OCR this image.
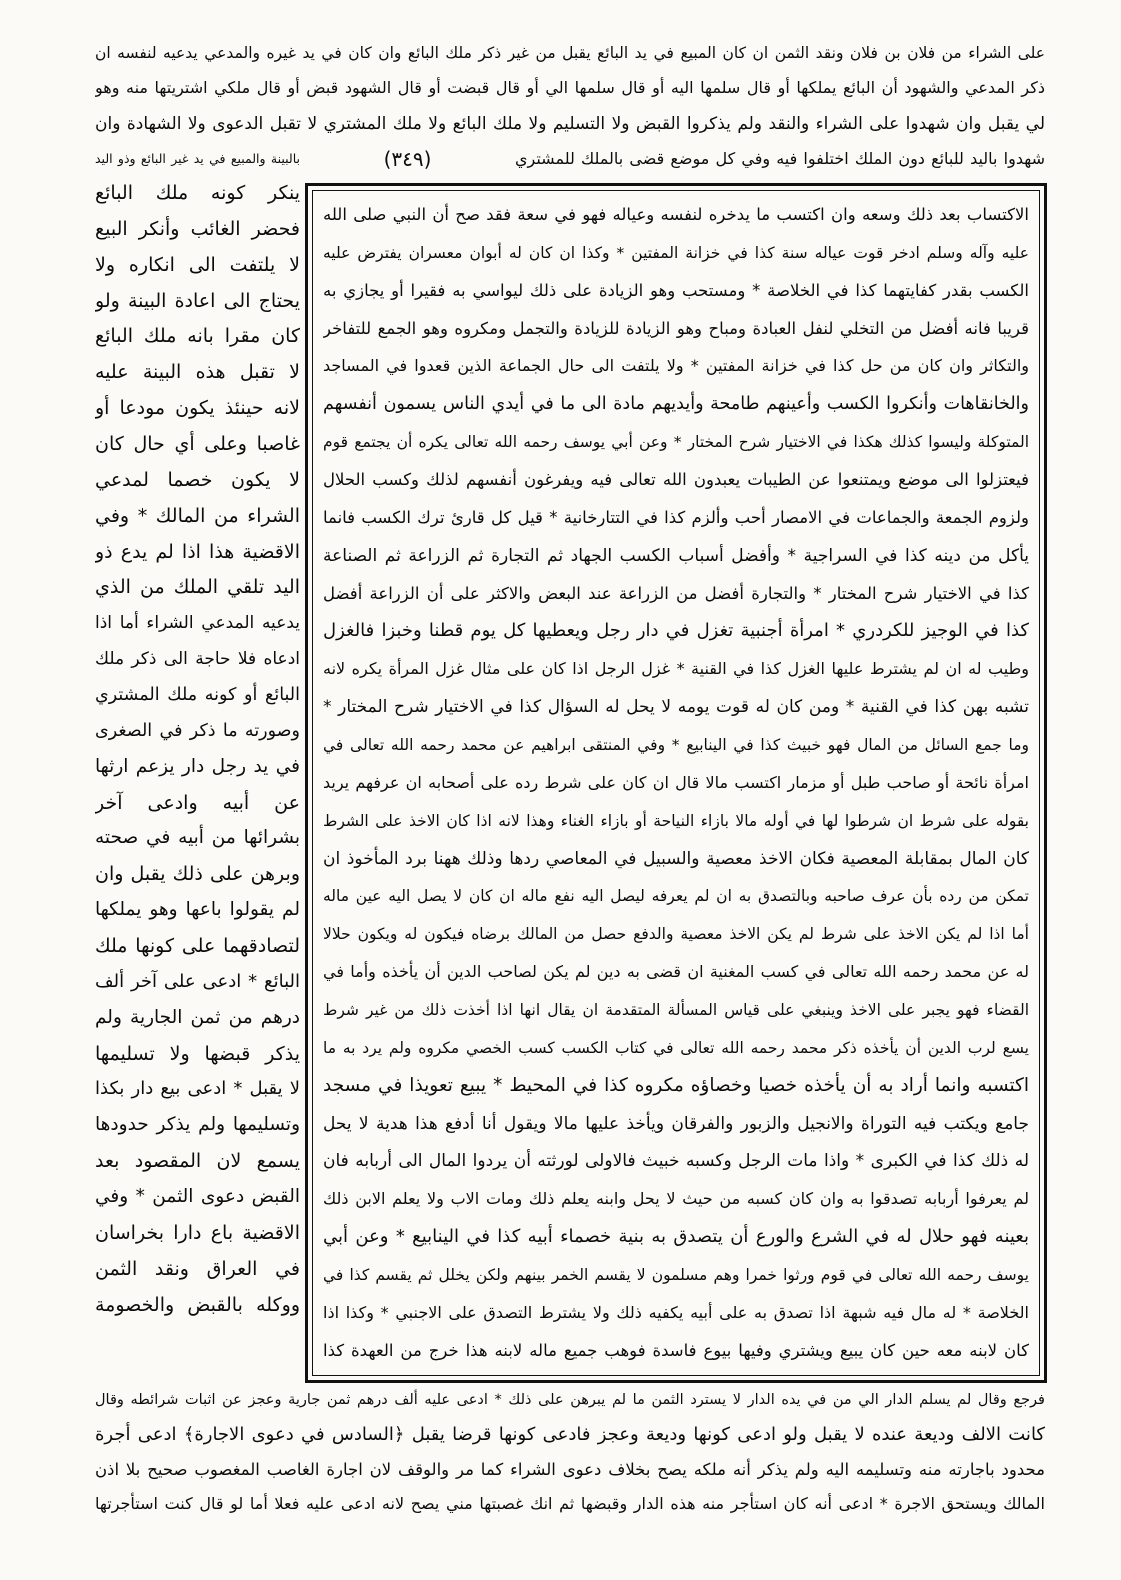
على الشراء من فلان بن فلان ونقد الثمن ان كان المبيع في يد البائع يقبل من غير ذكر ملك البائع وان كان في يد غيره والمدعي يدعيه لنفسه ان
ذكر المدعي والشهود أن البائع يملكها أو قال سلمها اليه أو قال سلمها الي أو قال قبضت أو قال الشهود قبض أو قال ملكي اشتريتها منه وهو
لي يقبل وان شهدوا على الشراء والنقد ولم يذكروا القبض ولا التسليم ولا ملك البائع ولا ملك المشتري لا تقبل الدعوى ولا الشهادة وان
شهدوا باليد للبائع دون الملك اختلفوا فيه وفي كل موضع قضى بالملك للمشتري
(٣٤٩)
بالبينة والمبيع في يد غير البائع وذو اليد
الاكتساب بعد ذلك وسعه وان اكتسب ما يدخره لنفسه وعياله فهو في سعة فقد صح أن النبي صلى الله
عليه وآله وسلم ادخر قوت عياله سنة كذا في خزانة المفتين * وكذا ان كان له أبوان معسران يفترض عليه
الكسب بقدر كفايتهما كذا في الخلاصة * ومستحب وهو الزيادة على ذلك ليواسي به فقيرا أو يجازي به
قريبا فانه أفضل من التخلي لنفل العبادة ومباح وهو الزيادة للزيادة والتجمل ومكروه وهو الجمع للتفاخر
والتكاثر وان كان من حل كذا في خزانة المفتين * ولا يلتفت الى حال الجماعة الذين قعدوا في المساجد
والخانقاهات وأنكروا الكسب وأعينهم طامحة وأيديهم مادة الى ما في أيدي الناس يسمون أنفسهم
المتوكلة وليسوا كذلك هكذا في الاختيار شرح المختار * وعن أبي يوسف رحمه الله تعالى يكره أن يجتمع قوم
فيعتزلوا الى موضع ويمتنعوا عن الطيبات يعبدون الله تعالى فيه ويفرغون أنفسهم لذلك وكسب الحلال
ولزوم الجمعة والجماعات في الامصار أحب وألزم كذا في التتارخانية * قيل كل قارئ ترك الكسب فانما
يأكل من دينه كذا في السراجية * وأفضل أسباب الكسب الجهاد ثم التجارة ثم الزراعة ثم الصناعة
كذا في الاختيار شرح المختار * والتجارة أفضل من الزراعة عند البعض والاكثر على أن الزراعة أفضل
كذا في الوجيز للكردري * امرأة أجنبية تغزل في دار رجل ويعطيها كل يوم قطنا وخبزا فالغزل
وطيب له ان لم يشترط عليها الغزل كذا في القنية * غزل الرجل اذا كان على مثال غزل المرأة يكره لانه
تشبه بهن كذا في القنية * ومن كان له قوت يومه لا يحل له السؤال كذا في الاختيار شرح المختار *
وما جمع السائل من المال فهو خبيث كذا في الينابيع * وفي المنتقى ابراهيم عن محمد رحمه الله تعالى في
امرأة نائحة أو صاحب طبل أو مزمار اكتسب مالا قال ان كان على شرط رده على أصحابه ان عرفهم يريد
بقوله على شرط ان شرطوا لها في أوله مالا بازاء النياحة أو بازاء الغناء وهذا لانه اذا كان الاخذ على الشرط
كان المال بمقابلة المعصية فكان الاخذ معصية والسبيل في المعاصي ردها وذلك ههنا برد المأخوذ ان
تمكن من رده بأن عرف صاحبه وبالتصدق به ان لم يعرفه ليصل اليه نفع ماله ان كان لا يصل اليه عين ماله
أما اذا لم يكن الاخذ على شرط لم يكن الاخذ معصية والدفع حصل من المالك برضاه فيكون له ويكون حلالا
له عن محمد رحمه الله تعالى في كسب المغنية ان قضى به دين لم يكن لصاحب الدين أن يأخذه وأما في
القضاء فهو يجبر على الاخذ وينبغي على قياس المسألة المتقدمة ان يقال انها اذا أخذت ذلك من غير شرط
يسع لرب الدين أن يأخذه ذكر محمد رحمه الله تعالى في كتاب الكسب كسب الخصي مكروه ولم يرد به ما
اكتسبه وانما أراد به أن يأخذه خصيا وخصاؤه مكروه كذا في المحيط * يبيع تعويذا في مسجد
جامع ويكتب فيه التوراة والانجيل والزبور والفرقان ويأخذ عليها مالا ويقول أنا أدفع هذا هدية لا يحل
له ذلك كذا في الكبرى * واذا مات الرجل وكسبه خبيث فالاولى لورثته أن يردوا المال الى أربابه فان
لم يعرفوا أربابه تصدقوا به وان كان كسبه من حيث لا يحل وابنه يعلم ذلك ومات الاب ولا يعلم الابن ذلك
بعينه فهو حلال له في الشرع والورع أن يتصدق به بنية خصماء أبيه كذا في الينابيع * وعن أبي
يوسف رحمه الله تعالى في قوم ورثوا خمرا وهم مسلمون لا يقسم الخمر بينهم ولكن يخلل ثم يقسم كذا في
الخلاصة * له مال فيه شبهة اذا تصدق به على أبيه يكفيه ذلك ولا يشترط التصدق على الاجنبي * وكذا اذا
كان لابنه معه حين كان يبيع ويشتري وفيها بيوع فاسدة فوهب جميع ماله لابنه هذا خرج من العهدة كذا
ينكر كونه ملك البائع
فحضر الغائب وأنكر البيع
لا يلتفت الى انكاره ولا
يحتاج الى اعادة البينة ولو
كان مقرا بانه ملك البائع
لا تقبل هذه البينة عليه
لانه حينئذ يكون مودعا أو
غاصبا وعلى أي حال كان
لا يكون خصما لمدعي
الشراء من المالك * وفي
الاقضية هذا اذا لم يدع ذو
اليد تلقي الملك من الذي
يدعيه المدعي الشراء أما اذا
ادعاه فلا حاجة الى ذكر ملك
البائع أو كونه ملك المشتري
وصورته ما ذكر في الصغرى
في يد رجل دار يزعم ارثها
عن أبيه وادعى آخر
بشرائها من أبيه في صحته
وبرهن على ذلك يقبل وان
لم يقولوا باعها وهو يملكها
لتصادقهما على كونها ملك
البائع * ادعى على آخر ألف
درهم من ثمن الجارية ولم
يذكر قبضها ولا تسليمها
لا يقبل * ادعى بيع دار بكذا
وتسليمها ولم يذكر حدودها
يسمع لان المقصود بعد
القبض دعوى الثمن * وفي
الاقضية باع دارا بخراسان
في العراق ونقد الثمن
ووكله بالقبض والخصومة
فرجع وقال لم يسلم الدار الي من في يده الدار لا يسترد الثمن ما لم يبرهن على ذلك * ادعى عليه ألف درهم ثمن جارية وعجز عن اثبات شرائطه وقال
كانت الالف وديعة عنده لا يقبل ولو ادعى كونها وديعة وعجز فادعى كونها قرضا يقبل ﴿السادس في دعوى الاجارة﴾ ادعى أجرة
محدود باجارته منه وتسليمه اليه ولم يذكر أنه ملكه يصح بخلاف دعوى الشراء كما مر والوقف لان اجارة الغاصب المغصوب صحيح بلا اذن
المالك ويستحق الاجرة * ادعى أنه كان استأجر منه هذه الدار وقبضها ثم انك غصبتها مني يصح لانه ادعى عليه فعلا أما لو قال كنت استأجرتها
